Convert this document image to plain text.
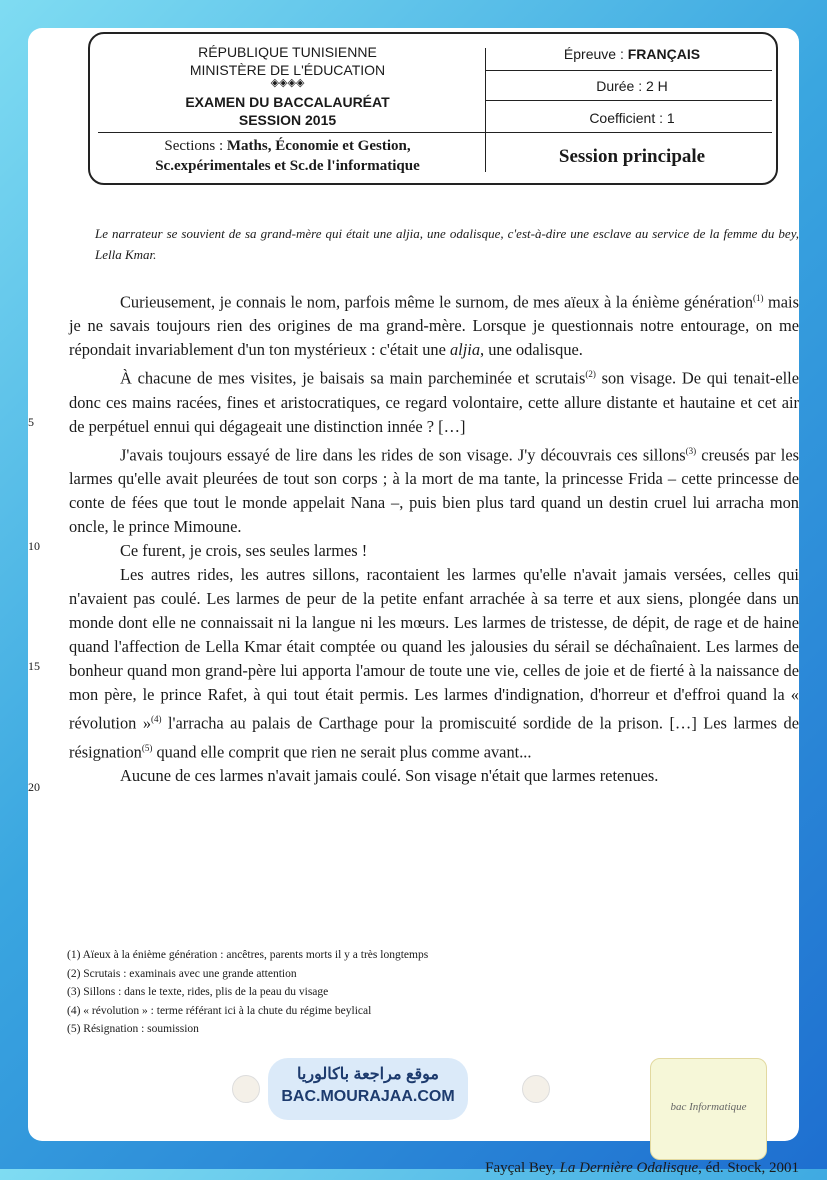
RÉPUBLIQUE TUNISIENNE
MINISTÈRE DE L'ÉDUCATION
◈◈◈◈
EXAMEN DU BACCALAURÉAT
SESSION 2015
Sections : Maths, Économie et Gestion,
Sc.expérimentales et Sc.de l'informatique
Épreuve : FRANÇAIS
Durée : 2 H
Coefficient : 1
Session principale
Le narrateur se souvient de sa grand-mère qui était une aljia, une odalisque, c'est-à-dire une esclave au service de la femme du bey, Lella Kmar.

Curieusement, je connais le nom, parfois même le surnom, de mes aïeux à la énième génération$^{(1)}$ mais je ne savais toujours rien des origines de ma grand-mère. Lorsque je questionnais notre entourage, on me répondait invariablement d'un ton mystérieux : c'était une aljia, une odalisque.

À chacune de mes visites, je baisais sa main parcheminée et scrutais$^{(2)}$ son visage. De qui tenait-elle donc ces mains racées, fines et aristocratiques, ce regard volontaire, cette allure distante et hautaine et cet air de perpétuel ennui qui dégageait une distinction innée ? […]

J'avais toujours essayé de lire dans les rides de son visage. J'y découvrais ces sillons$^{(3)}$ creusés par les larmes qu'elle avait pleurées de tout son corps ; à la mort de ma tante, la princesse Frida – cette princesse de conte de fées que tout le monde appelait Nana –, puis bien plus tard quand un destin cruel lui arracha mon oncle, le prince Mimoune.

Ce furent, je crois, ses seules larmes !

Les autres rides, les autres sillons, racontaient les larmes qu'elle n'avait jamais versées, celles qui n'avaient pas coulé. Les larmes de peur de la petite enfant arrachée à sa terre et aux siens, plongée dans un monde dont elle ne connaissait ni la langue ni les mœurs. Les larmes de tristesse, de dépit, de rage et de haine quand l'affection de Lella Kmar était comptée ou quand les jalousies du sérail se déchaînaient. Les larmes de bonheur quand mon grand-père lui apporta l'amour de toute une vie, celles de joie et de fierté à la naissance de mon père, le prince Rafet, à qui tout était permis. Les larmes d'indignation, d'horreur et d'effroi quand la « révolution »$^{(4)}$ l'arracha au palais de Carthage pour la promiscuité sordide de la prison. […] Les larmes de résignation$^{(5)}$ quand elle comprit que rien ne serait plus comme avant...

Aucune de ces larmes n'avait jamais coulé. Son visage n'était que larmes retenues.

Fayçal Bey, La Dernière Odalisque, éd. Stock, 2001
5
10
15
20
(1) Aïeux à la énième génération : ancêtres, parents morts il y a très longtemps
(2) Scrutais : examinais avec une grande attention
(3) Sillons : dans le texte, rides, plis de la peau du visage
(4) « révolution » : terme référant ici à la chute du régime beylical
(5) Résignation : soumission
موقع مراجعة باكالوريا
BAC.MOURAJAA.COM
bac Informatique
